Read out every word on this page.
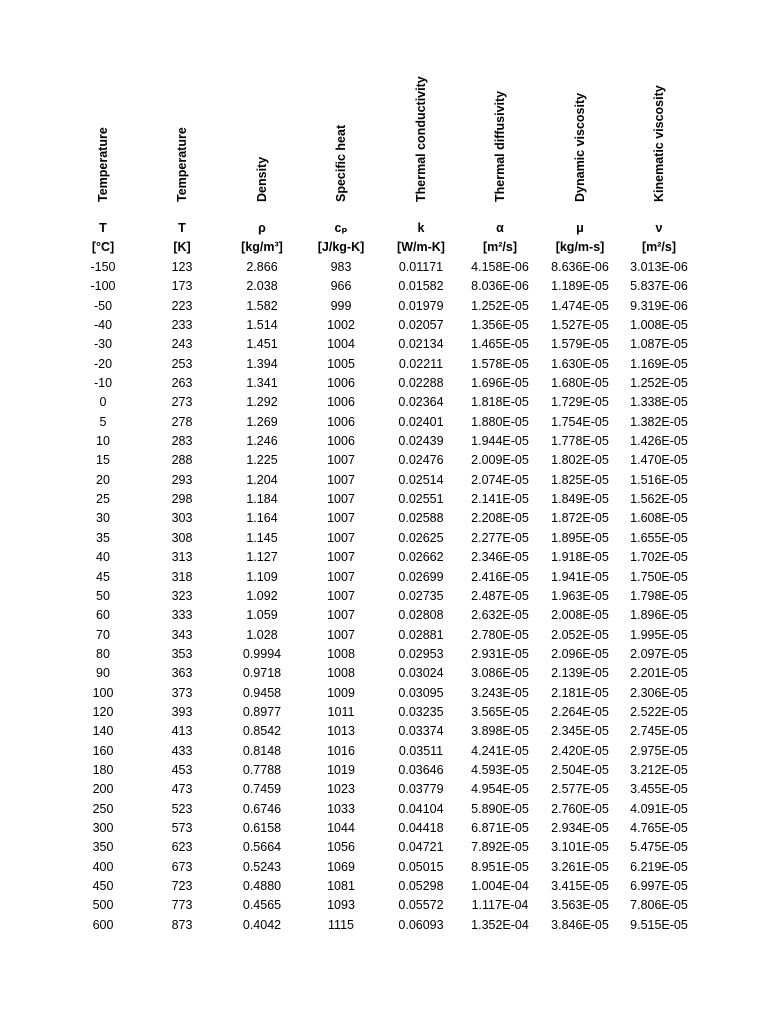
Temperature	Temperature	Density	Specific heat	Thermal conductivity	Thermal diffusivity	Dynamic viscosity	Kinematic viscosity
T	T	ρ	cₚ	k	α	μ	ν
[°C]	[K]	[kg/m³]	[J/kg-K]	[W/m-K]	[m²/s]	[kg/m-s]	[m²/s]
-150	123	2.866	983	0.01171	4.158E-06	8.636E-06	3.013E-06
-100	173	2.038	966	0.01582	8.036E-06	1.189E-05	5.837E-06
-50	223	1.582	999	0.01979	1.252E-05	1.474E-05	9.319E-06
-40	233	1.514	1002	0.02057	1.356E-05	1.527E-05	1.008E-05
-30	243	1.451	1004	0.02134	1.465E-05	1.579E-05	1.087E-05
-20	253	1.394	1005	0.02211	1.578E-05	1.630E-05	1.169E-05
-10	263	1.341	1006	0.02288	1.696E-05	1.680E-05	1.252E-05
0	273	1.292	1006	0.02364	1.818E-05	1.729E-05	1.338E-05
5	278	1.269	1006	0.02401	1.880E-05	1.754E-05	1.382E-05
10	283	1.246	1006	0.02439	1.944E-05	1.778E-05	1.426E-05
15	288	1.225	1007	0.02476	2.009E-05	1.802E-05	1.470E-05
20	293	1.204	1007	0.02514	2.074E-05	1.825E-05	1.516E-05
25	298	1.184	1007	0.02551	2.141E-05	1.849E-05	1.562E-05
30	303	1.164	1007	0.02588	2.208E-05	1.872E-05	1.608E-05
35	308	1.145	1007	0.02625	2.277E-05	1.895E-05	1.655E-05
40	313	1.127	1007	0.02662	2.346E-05	1.918E-05	1.702E-05
45	318	1.109	1007	0.02699	2.416E-05	1.941E-05	1.750E-05
50	323	1.092	1007	0.02735	2.487E-05	1.963E-05	1.798E-05
60	333	1.059	1007	0.02808	2.632E-05	2.008E-05	1.896E-05
70	343	1.028	1007	0.02881	2.780E-05	2.052E-05	1.995E-05
80	353	0.9994	1008	0.02953	2.931E-05	2.096E-05	2.097E-05
90	363	0.9718	1008	0.03024	3.086E-05	2.139E-05	2.201E-05
100	373	0.9458	1009	0.03095	3.243E-05	2.181E-05	2.306E-05
120	393	0.8977	1011	0.03235	3.565E-05	2.264E-05	2.522E-05
140	413	0.8542	1013	0.03374	3.898E-05	2.345E-05	2.745E-05
160	433	0.8148	1016	0.03511	4.241E-05	2.420E-05	2.975E-05
180	453	0.7788	1019	0.03646	4.593E-05	2.504E-05	3.212E-05
200	473	0.7459	1023	0.03779	4.954E-05	2.577E-05	3.455E-05
250	523	0.6746	1033	0.04104	5.890E-05	2.760E-05	4.091E-05
300	573	0.6158	1044	0.04418	6.871E-05	2.934E-05	4.765E-05
350	623	0.5664	1056	0.04721	7.892E-05	3.101E-05	5.475E-05
400	673	0.5243	1069	0.05015	8.951E-05	3.261E-05	6.219E-05
450	723	0.4880	1081	0.05298	1.004E-04	3.415E-05	6.997E-05
500	773	0.4565	1093	0.05572	1.117E-04	3.563E-05	7.806E-05
600	873	0.4042	1115	0.06093	1.352E-04	3.846E-05	9.515E-05
